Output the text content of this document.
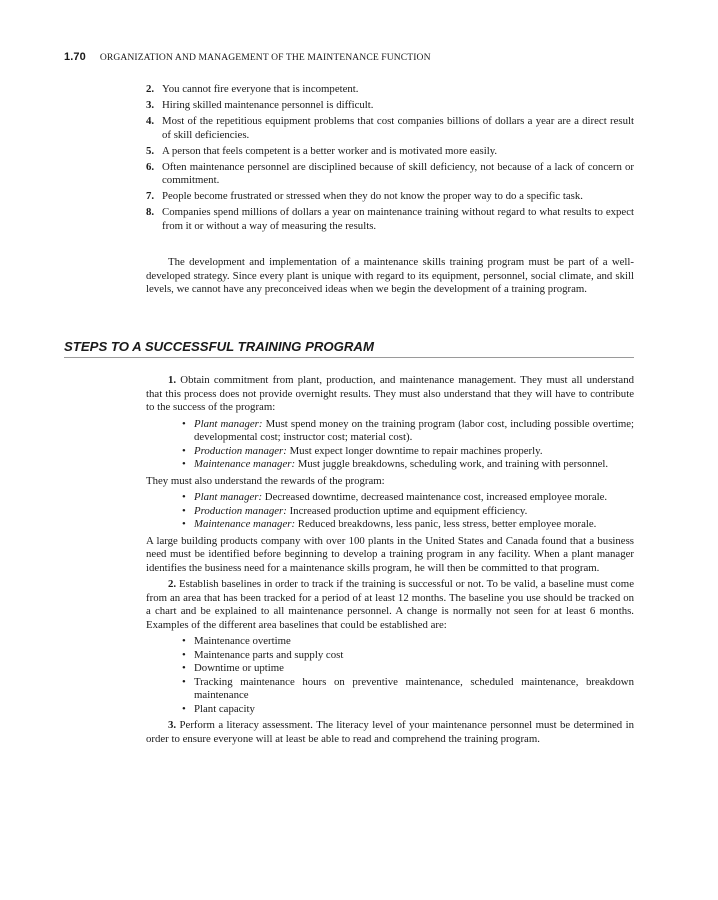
1.70 ORGANIZATION AND MANAGEMENT OF THE MAINTENANCE FUNCTION
2. You cannot fire everyone that is incompetent.
3. Hiring skilled maintenance personnel is difficult.
4. Most of the repetitious equipment problems that cost companies billions of dollars a year are a direct result of skill deficiencies.
5. A person that feels competent is a better worker and is motivated more easily.
6. Often maintenance personnel are disciplined because of skill deficiency, not because of a lack of concern or commitment.
7. People become frustrated or stressed when they do not know the proper way to do a specific task.
8. Companies spend millions of dollars a year on maintenance training without regard to what results to expect from it or without a way of measuring the results.

The development and implementation of a maintenance skills training program must be part of a well-developed strategy. Since every plant is unique with regard to its equipment, personnel, social climate, and skill levels, we cannot have any preconceived ideas when we begin the development of a training program.

STEPS TO A SUCCESSFUL TRAINING PROGRAM

1. Obtain commitment from plant, production, and maintenance management. They must all understand that this process does not provide overnight results. They must also understand that they will have to contribute to the success of the program:

• Plant manager: Must spend money on the training program (labor cost, including possible overtime; developmental cost; instructor cost; material cost).
• Production manager: Must expect longer downtime to repair machines properly.
• Maintenance manager: Must juggle breakdowns, scheduling work, and training with personnel.

They must also understand the rewards of the program:

• Plant manager: Decreased downtime, decreased maintenance cost, increased employee morale.
• Production manager: Increased production uptime and equipment efficiency.
• Maintenance manager: Reduced breakdowns, less panic, less stress, better employee morale.

A large building products company with over 100 plants in the United States and Canada found that a business need must be identified before beginning to develop a training program in any facility. When a plant manager identifies the business need for a maintenance skills program, he will then be committed to that program.

2. Establish baselines in order to track if the training is successful or not. To be valid, a baseline must come from an area that has been tracked for a period of at least 12 months. The baseline you use should be tracked on a chart and be explained to all maintenance personnel. A change is normally not seen for at least 6 months. Examples of the different area baselines that could be established are:

• Maintenance overtime
• Maintenance parts and supply cost
• Downtime or uptime
• Tracking maintenance hours on preventive maintenance, scheduled maintenance, breakdown maintenance
• Plant capacity

3. Perform a literacy assessment. The literacy level of your maintenance personnel must be determined in order to ensure everyone will at least be able to read and comprehend the training program.
